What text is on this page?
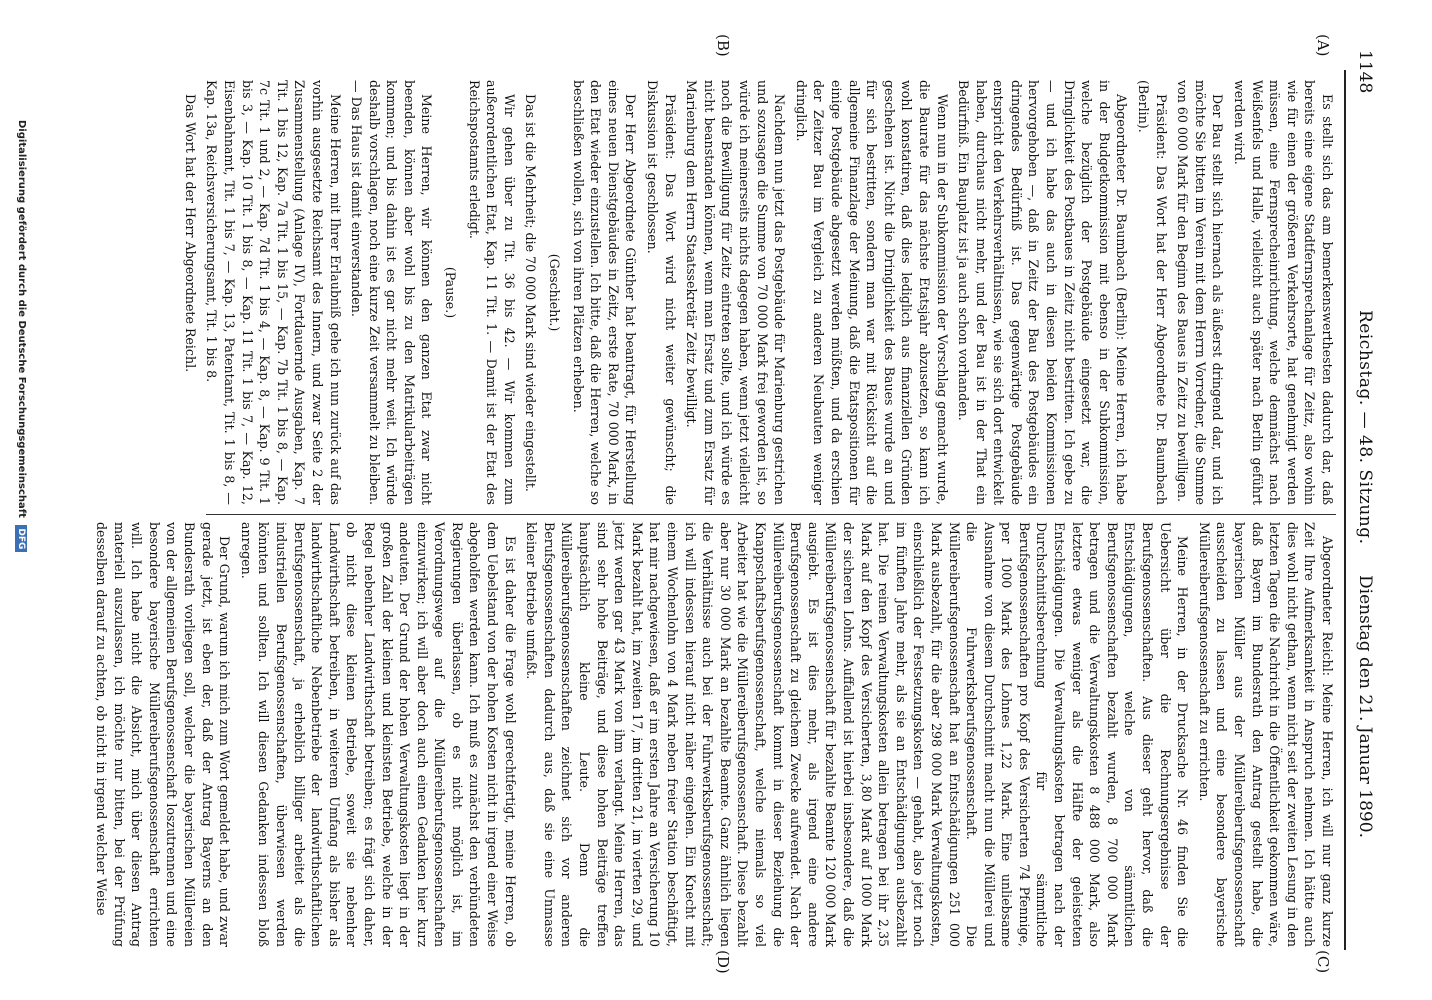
1148
Reichstag. — 48. Sitzung.
Dienstag den 21. Januar 1890.
(A)
(B)
(C)
(D)

Es stellt sich das am bemerkenswerthesten dadurch dar, daß bereits eine eigene Stadtfernsprechanlage für Zeitz, also wohin wie für einen der größeren Verkehrsorte, hat genehmigt werden müssen, eine Fernsprecheinrichtung, welche demnächst nach Weißenfels und Halle, vielleicht auch später nach Berlin geführt werden wird.

Der Bau stellt sich hiernach als äußerst dringend dar, und ich möchte Sie bitten im Verein mit dem Herrn Vorredner, die Summe von 60 000 Mark für den Beginn des Baues in Zeitz zu bewilligen.

Präsident: Das Wort hat der Herr Abgeordnete Dr. Baumbach (Berlin).

Abgeordneter Dr. Baumbach (Berlin): Meine Herren, ich habe in der Budgetkommission mit ebenso in der Subkommission, welche bezüglich der Postgebäude eingesetzt war, die Dringlichkeit des Postbaues in Zeitz nicht bestritten. Ich gebe zu — und ich habe das auch in diesen beiden Kommissionen hervorgehoben —, daß in Zeitz der Bau des Postgebäudes ein dringendes Bedürfniß ist. Das gegenwärtige Postgebäude entspricht den Verkehrsverhältnissen, wie sie sich dort entwickelt haben, durchaus nicht mehr, und der Bau ist in der That ein Bedürfniß. Ein Bauplatz ist ja auch schon vorhanden.

Wenn nun in der Subkommission der Vorschlag gemacht wurde, die Baurate für das nächste Etatsjahr abzusetzen, so kann ich wohl konstatiren, daß dies lediglich aus finanziellen Gründen geschehen ist. Nicht die Dringlichkeit des Baues wurde an und für sich bestritten, sondern man war mit Rücksicht auf die allgemeine Finanzlage der Meinung, daß die Etatspositionen für einige Postgebäude abgesetzt werden müßten, und da erschien der Zeitzer Bau im Vergleich zu anderen Neubauten weniger dringlich.

Nachdem nun jetzt das Postgebäude für Marienburg gestrichen und sozusagen die Summe von 70 000 Mark frei geworden ist, so würde ich meinerseits nichts dagegen haben, wenn jetzt vielleicht noch die Bewilligung für Zeitz eintreten sollte, und ich würde es nicht beanstanden können, wenn man Ersatz und zum Ersatz für Marienburg dem Herrn Staatssekretär Zeitz bewilligt.

Präsident: Das Wort wird nicht weiter gewünscht; die Diskussion ist geschlossen.

Der Herr Abgeordnete Günther hat beantragt, für Herstellung eines neuen Dienstgebäudes in Zeitz, erste Rate, 70 000 Mark, in den Etat wieder einzustellen. Ich bitte, daß die Herren, welche so beschließen wollen, sich von ihren Plätzen erheben.

(Geschieht.)

Das ist die Mehrheit; die 70 000 Mark sind wieder eingestellt.

Wir gehen über zu Tit. 36 bis 42. — Wir kommen zum außerordentlichen Etat, Kap. 11 Tit. 1. — Damit ist der Etat des Reichspostamts erledigt.

(Pause.)

Meine Herren, wir können den ganzen Etat zwar nicht beenden, können aber wohl bis zu den Matrikularbeiträgen kommen; und bis dahin ist es gar nicht mehr weit. Ich würde deshalb vorschlagen, noch eine kurze Zeit versammelt zu bleiben. — Das Haus ist damit einverstanden.

Meine Herren, mit Ihrer Erlaubniß gehe ich nun zurück auf das vorhin ausgesetzte Reichsamt des Innern, und zwar Seite 2 der Zusammenstellung (Anlage IV), Fortdauernde Ausgaben, Kap. 7 Tit. 1 bis 12, Kap. 7a Tit. 1 bis 15, — Kap. 7b Tit. 1 bis 8, — Kap. 7c Tit. 1 und 2, — Kap. 7d Tit. 1 bis 4, — Kap. 8, — Kap. 9 Tit. 1 bis 3, — Kap. 10 Tit. 1 bis 8, — Kap. 11 Tit. 1 bis 7, — Kap. 12, Eisenbahnamt, Tit. 1 bis 7, — Kap. 13, Patentamt, Tit. 1 bis 8, — Kap. 13a, Reichsversicherungsamt, Tit. 1 bis 8.

Das Wort hat der Herr Abgeordnete Reichl.

Abgeordneter Reichl: Meine Herren, ich will nur ganz kurze Zeit Ihre Aufmerksamkeit in Anspruch nehmen. Ich hätte auch dies wohl nicht gethan, wenn nicht seit der zweiten Lesung in den letzten Tagen die Nachricht in die Öffentlichkeit gekommen wäre, daß Bayern im Bundesrath den Antrag gestellt habe, die bayerischen Müller aus der Müllereiberufsgenossenschaft ausscheiden zu lassen und eine besondere bayerische Müllereiberufsgenossenschaft zu errichten.

Meine Herren, in der Drucksache Nr. 46 finden Sie die Uebersicht über die Rechnungsergebnisse der Berufsgenossenschaften. Aus dieser geht hervor, daß die Entschädigungen, welche von sämmtlichen Berufsgenossenschaften bezahlt wurden, 8 700 000 Mark betragen und die Verwaltungskosten 8 488 000 Mark, also letztere etwas weniger als die Hälfte der geleisteten Entschädigungen. Die Verwaltungskosten betragen nach der Durchschnittsberechnung für sämmtliche Berufsgenossenschaften pro Kopf des Versicherten 74 Pfennige, per 1000 Mark des Lohnes 1,22 Mark. Eine unliebsame Ausnahme von diesem Durchschnitt macht nun die Müllerei und die Fuhrwerksberufsgenossenschaft. Die Müllereiberufsgenossenschaft hat an Entschädigungen 251 000 Mark ausbezahlt, für die aber 298 000 Mark Verwaltungskosten, einschließlich der Festsetzungskosten — gehabt, also jetzt noch im fünften Jahre mehr, als sie an Entschädigungen ausbezahlt hat. Die reinen Verwaltungskosten allein betragen bei ihr 2,35 Mark auf den Kopf des Versicherten, 3,80 Mark auf 1000 Mark der sicheren Lohns. Auffallend ist hierbei insbesondere, daß die Müllereiberufsgenossenschaft für bezahlte Beamte 120 000 Mark ausgiebt. Es ist dies mehr, als irgend eine andere Berufsgenossenschaft zu gleichem Zwecke aufwendet. Nach der Müllereiberufsgenossenschaft kommt in dieser Beziehung die Knappschaftsberufsgenossenschaft, welche niemals so viel Arbeiter hat wie die Müllereiberufsgenossenschaft. Diese bezahlt aber nur 30 000 Mark an bezahlte Beamte. Ganz ähnlich liegen die Verhältnisse auch bei der Fuhrwerksberufsgenossenschaft; ich will indessen hierauf nicht näher eingehen. Ein Knecht mit einem Wochenlohn von 4 Mark neben freier Station beschäftigt, hat mir nachgewiesen, daß er im ersten Jahre an Versicherung 10 Mark bezahlt hat, im zweiten 17, im dritten 21, im vierten 29, und jetzt werden gar 43 Mark von ihm verlangt. Meine Herren, das sind sehr hohe Beiträge, und diese hohen Beiträge treffen hauptsächlich kleine Leute. Denn die Müllereiberufsgenossenschaften zeichnet sich vor anderen Berufsgenossenschaften dadurch aus, daß sie eine Unmasse kleiner Betriebe umfaßt.

Es ist daher die Frage wohl gerechtfertigt, meine Herren, ob dem Uebelstand von der hohen Kosten nicht in irgend einer Weise abgeholfen werden kann. Ich muß es zunächst den verbündeten Regierungen überlassen, ob es nicht möglich ist, im Verordnungswege auf die Müllereiberufsgenossenschaften einzuwirken; ich will aber doch auch einen Gedanken hier kurz andeuten. Der Grund der hohen Verwaltungskosten liegt in der großen Zahl der kleinen und kleinsten Betriebe, welche in der Regel nebenher Landwirthschaft betreiben; es frägt sich daher, ob nicht diese kleinen Betriebe, soweit sie nebenher Landwirthschaft betreiben, in weiterem Umfang als bisher als landwirthschaftliche Nebenbetriebe der landwirthschaftlichen Berufsgenossenschaft, ja erheblich billiger arbeitet als die industriellen Berufsgenossenschaften, überwiesen werden könnten und sollten. Ich will diesen Gedanken indessen bloß anregen.

Der Grund, warum ich mich zum Wort gemeldet habe, und zwar gerade jetzt, ist eben der, daß der Antrag Bayerns an den Bundesrath vorliegen soll, welcher die bayerischen Müllereien von der allgemeinen Berufsgenossenschaft loszutrennen und eine besondere bayerische Müllereiberufsgenossenschaft errichten will. Ich habe nicht die Absicht, mich über diesen Antrag materiell auszulassen, ich möchte nur bitten, bei der Prüfung desselben darauf zu achten, ob nicht in irgend welcher Weise

Digitalisierung gefördert durch die Deutsche Forschungsgemeinschaft DFG
